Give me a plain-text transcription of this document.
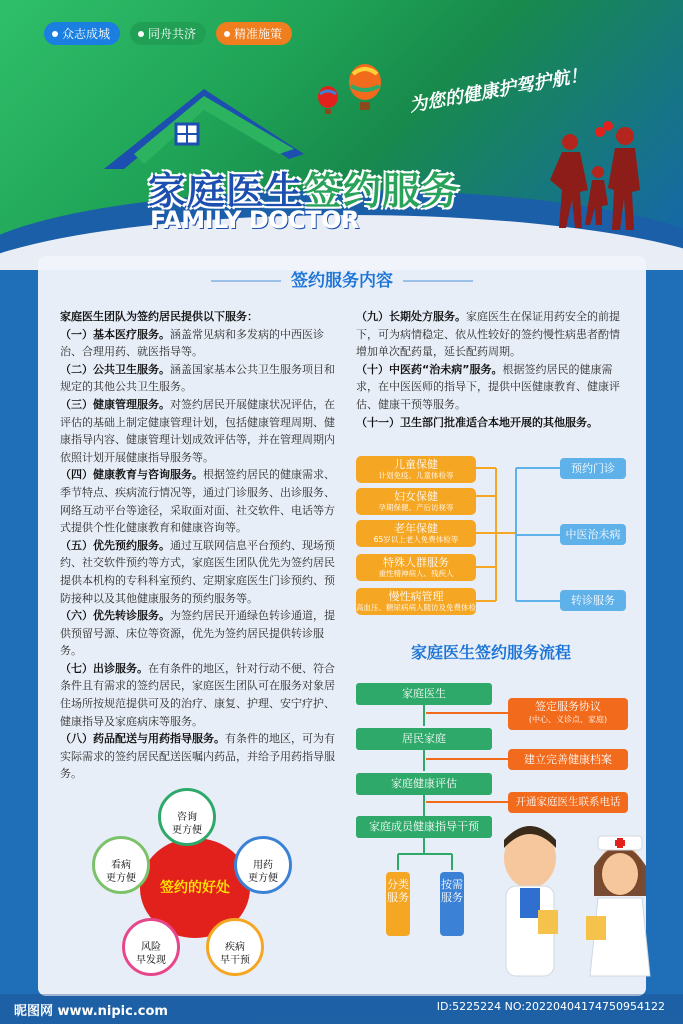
众志成城	同舟共济	精准施策
家庭医生签约服务
FAMILY DOCTOR
为您的健康护驾护航！
签约服务内容

家庭医生团队为签约居民提供以下服务：

（一）基本医疗服务。涵盖常见病和多发病的中西医诊治、合理用药、就医指导等。

（二）公共卫生服务。涵盖国家基本公共卫生服务项目和规定的其他公共卫生服务。

（三）健康管理服务。对签约居民开展健康状况评估，在评估的基础上制定健康管理计划，包括健康管理周期、健康指导内容、健康管理计划成效评估等，并在管理周期内依照计划开展健康指导服务等。

（四）健康教育与咨询服务。根据签约居民的健康需求、季节特点、疾病流行情况等，通过门诊服务、出诊服务、网络互动平台等途径，采取面对面、社交软件、电话等方式提供个性化健康教育和健康咨询等。

（五）优先预约服务。通过互联网信息平台预约、现场预约、社交软件预约等方式，家庭医生团队优先为签约居民提供本机构的专科科室预约、定期家庭医生门诊预约、预防接种以及其他健康服务的预约服务等。

（六）优先转诊服务。为签约居民开通绿色转诊通道，提供预留号源、床位等资源，优先为签约居民提供转诊服务。

（七）出诊服务。在有条件的地区，针对行动不便、符合条件且有需求的签约居民，家庭医生团队可在服务对象居住场所按规范提供可及的治疗、康复、护理、安宁疗护、健康指导及家庭病床等服务。

（八）药品配送与用药指导服务。有条件的地区，可为有实际需求的签约居民配送医嘱内药品，并给予用药指导服务。

（九）长期处方服务。家庭医生在保证用药安全的前提下，可为病情稳定、依从性较好的签约慢性病患者酌情增加单次配药量，延长配药周期。

（十）中医药“治未病”服务。根据签约居民的健康需求，在中医医师的指导下，提供中医健康教育、健康评估、健康干预等服务。

（十一）卫生部门批准适合本地开展的其他服务。

儿童保健
计划免疫、儿童体检等
妇女保健
孕期保健、产后访视等
老年保健
65岁以上老人免费体检等
特殊人群服务
重性精神病人、残疾人
慢性病管理
高血压、糖尿病病人随访及免费体检
预约门诊
中医治未病
转诊服务
家庭医生签约服务流程
家庭医生
居民家庭
家庭健康评估
家庭成员健康指导干预
签定服务协议
(中心、义诊点、家庭)
建立完善健康档案
开通家庭医生联系电话
分类服务
按需服务
签约的好处
咨询
更方便
用药
更方便
疾病
早干预
风险
早发现
看病
更方便
昵图网 www.nipic.com	ID:5225224 NO:20220404174750954122
